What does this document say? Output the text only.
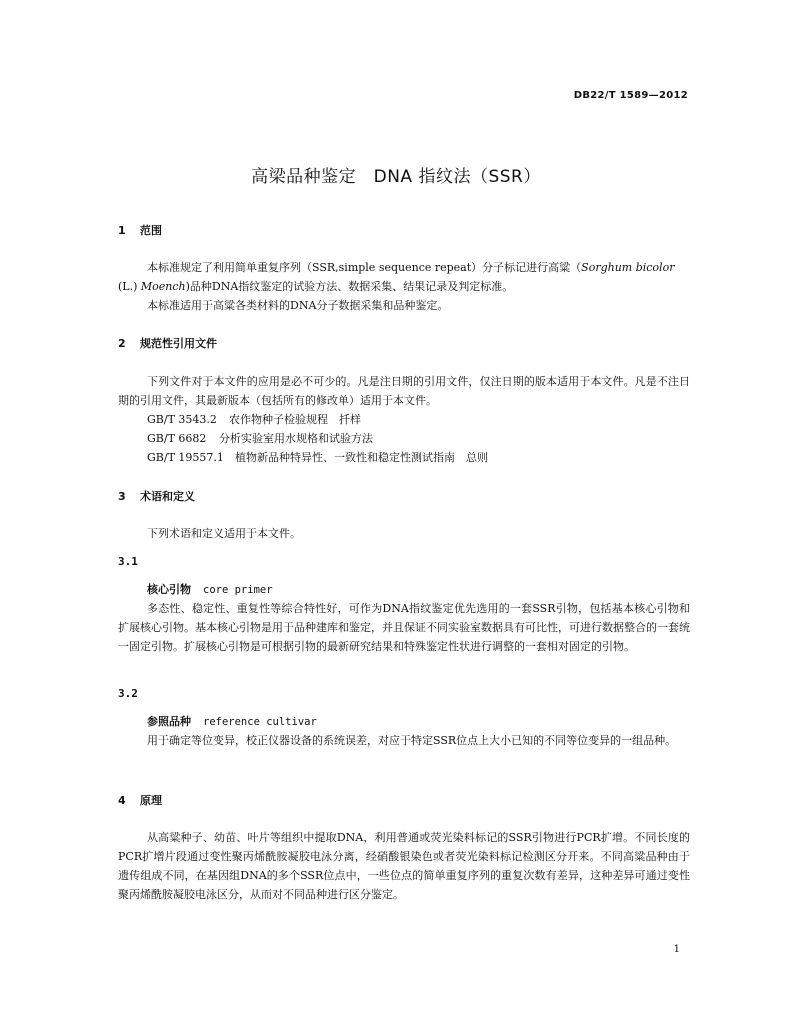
DB22/T 1589—2012
高梁品种鉴定　DNA 指纹法（SSR）
1 范围

本标准规定了利用简单重复序列（SSR,simple sequence repeat）分子标记进行高粱（Sorghum bicolor
(L.) Moench)品种DNA指纹鉴定的试验方法、数据采集、结果记录及判定标准。

本标准适用于高粱各类材料的DNA分子数据采集和品种鉴定。

2 规范性引用文件

下列文件对于本文件的应用是必不可少的。凡是注日期的引用文件，仅注日期的版本适用于本文件。凡是不注日期的引用文件，其最新版本（包括所有的修改单）适用于本文件。

GB/T 3543.2 农作物种子检验规程　扦样
GB/T 6682 分析实验室用水规格和试验方法
GB/T 19557.1 植物新品种特异性、一致性和稳定性测试指南　总则
3 术语和定义

下列术语和定义适用于本文件。

3.1
核心引物 core primer

多态性、稳定性、重复性等综合特性好，可作为DNA指纹鉴定优先选用的一套SSR引物，包括基本核心引物和扩展核心引物。基本核心引物是用于品种建库和鉴定，并且保证不同实验室数据具有可比性，可进行数据整合的一套统一固定引物。扩展核心引物是可根据引物的最新研究结果和特殊鉴定性状进行调整的一套相对固定的引物。

3.2
参照品种 reference cultivar

用于确定等位变异，校正仪器设备的系统误差，对应于特定SSR位点上大小已知的不同等位变异的一组品种。

4 原理

从高粱种子、幼苗、叶片等组织中提取DNA，利用普通或荧光染料标记的SSR引物进行PCR扩增。不同长度的PCR扩增片段通过变性聚丙烯酰胺凝胶电泳分离，经硝酸银染色或者荧光染料标记检测区分开来。不同高粱品种由于遗传组成不同，在基因组DNA的多个SSR位点中，一些位点的简单重复序列的重复次数有差异，这种差异可通过变性聚丙烯酰胺凝胶电泳区分，从而对不同品种进行区分鉴定。

1
